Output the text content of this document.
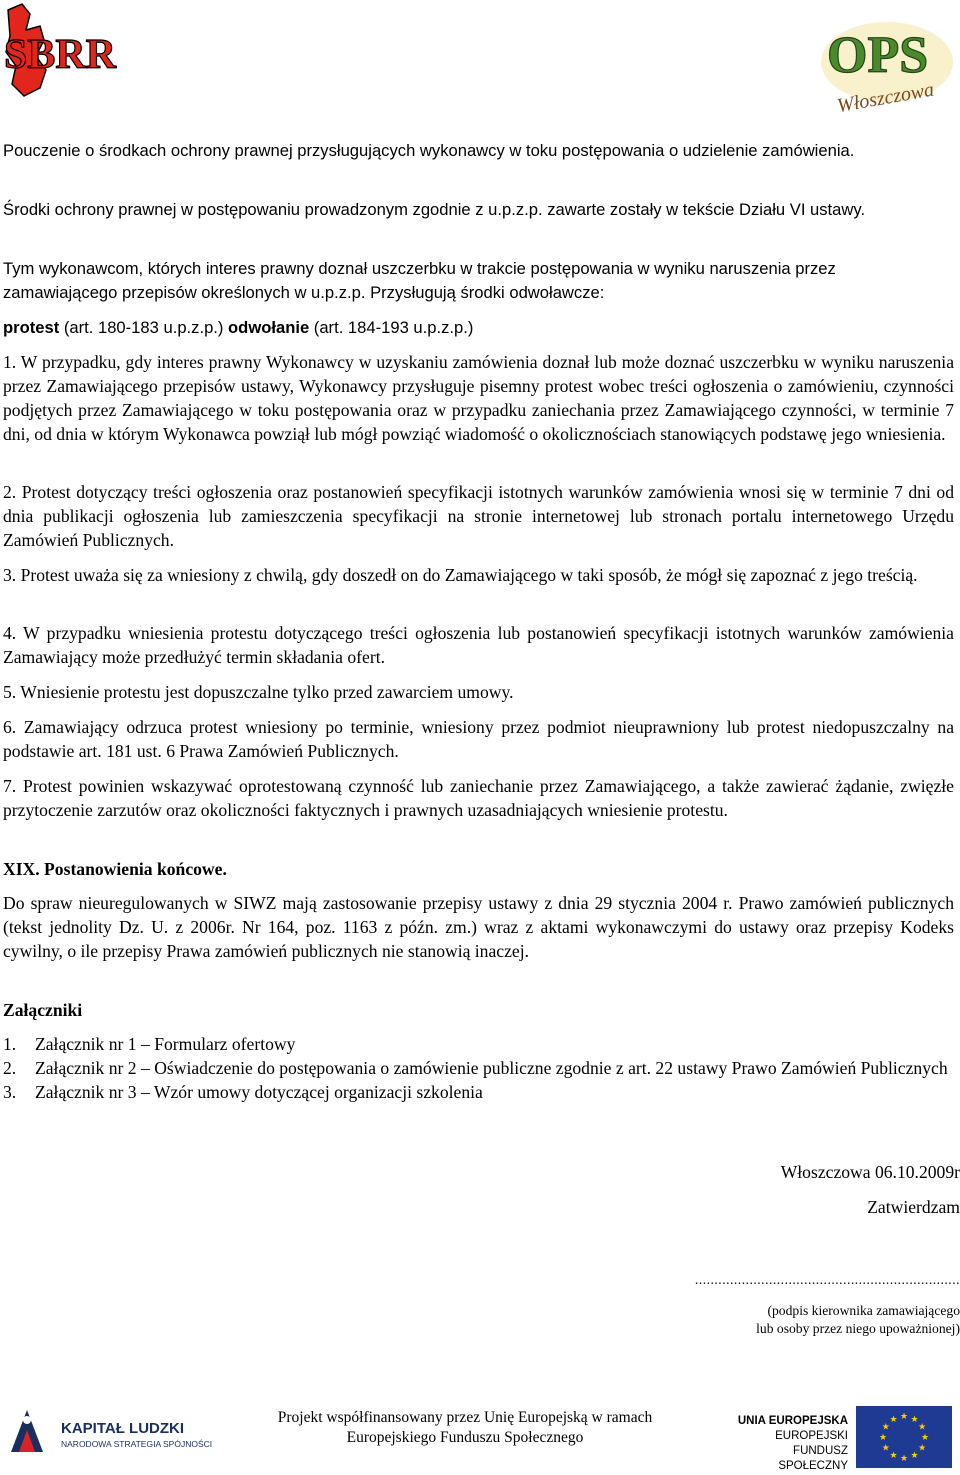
SBRR	OPS
Włoszczowa

Pouczenie o środkach ochrony prawnej przysługujących wykonawcy w toku postępowania o udzielenie zamówienia.

Środki ochrony prawnej w postępowaniu prowadzonym zgodnie z u.p.z.p. zawarte zostały w tekście Działu VI ustawy.

Tym wykonawcom, których interes prawny doznał uszczerbku w trakcie postępowania w wyniku naruszenia przez zamawiającego przepisów określonych w u.p.z.p. Przysługują środki odwoławcze:

protest (art. 180-183 u.p.z.p.) odwołanie (art. 184-193 u.p.z.p.)

1. W przypadku, gdy interes prawny Wykonawcy w uzyskaniu zamówienia doznał lub może doznać uszczerbku w wyniku naruszenia przez Zamawiającego przepisów ustawy, Wykonawcy przysługuje pisemny protest wobec treści ogłoszenia o zamówieniu, czynności podjętych przez Zamawiającego w toku postępowania oraz w przypadku zaniechania przez Zamawiającego czynności, w terminie 7 dni, od dnia w którym Wykonawca powziął lub mógł powziąć wiadomość o okolicznościach stanowiących podstawę jego wniesienia.

2. Protest dotyczący treści ogłoszenia oraz postanowień specyfikacji istotnych warunków zamówienia wnosi się w terminie 7 dni od dnia publikacji ogłoszenia lub zamieszczenia specyfikacji na stronie internetowej lub stronach portalu internetowego Urzędu Zamówień Publicznych.

3. Protest uważa się za wniesiony z chwilą, gdy doszedł on do Zamawiającego w taki sposób, że mógł się zapoznać z jego treścią.

4. W przypadku wniesienia protestu dotyczącego treści ogłoszenia lub postanowień specyfikacji istotnych warunków zamówienia Zamawiający może przedłużyć termin składania ofert.

5. Wniesienie protestu jest dopuszczalne tylko przed zawarciem umowy.

6. Zamawiający odrzuca protest wniesiony po terminie, wniesiony przez podmiot nieuprawniony lub protest niedopuszczalny na podstawie art. 181 ust. 6 Prawa Zamówień Publicznych.

7. Protest powinien wskazywać oprotestowaną czynność lub zaniechanie przez Zamawiającego, a także zawierać żądanie, zwięzłe przytoczenie zarzutów oraz okoliczności faktycznych i prawnych uzasadniających wniesienie protestu.

XIX. Postanowienia końcowe.

Do spraw nieuregulowanych w SIWZ mają zastosowanie przepisy ustawy z dnia 29 stycznia 2004 r. Prawo zamówień publicznych (tekst jednolity Dz. U. z 2006r. Nr 164, poz. 1163 z późn. zm.) wraz z aktami wykonawczymi do ustawy oraz przepisy Kodeks cywilny, o ile przepisy Prawa zamówień publicznych nie stanowią inaczej.

Załączniki

1.	Załącznik nr 1 – Formularz ofertowy
2.	Załącznik nr 2 – Oświadczenie do postępowania o zamówienie publiczne zgodnie z art. 22 ustawy Prawo Zamówień Publicznych
3.	Załącznik nr 3 – Wzór umowy dotyczącej organizacji szkolenia
Włoszczowa 06.10.2009r
Zatwierdzam
....................................................................
(podpis kierownika zamawiającego
lub osoby przez niego upoważnionej)
KAPITAŁ LUDZKI
NARODOWA STRATEGIA SPÓJNOŚCI
Projekt współfinansowany przez Unię Europejską w ramach
Europejskiego Funduszu Społecznego
UNIA EUROPEJSKA
EUROPEJSKI
FUNDUSZ SPOŁECZNY
★ ★
★
★
★
★
★
★
★
★
★
★
